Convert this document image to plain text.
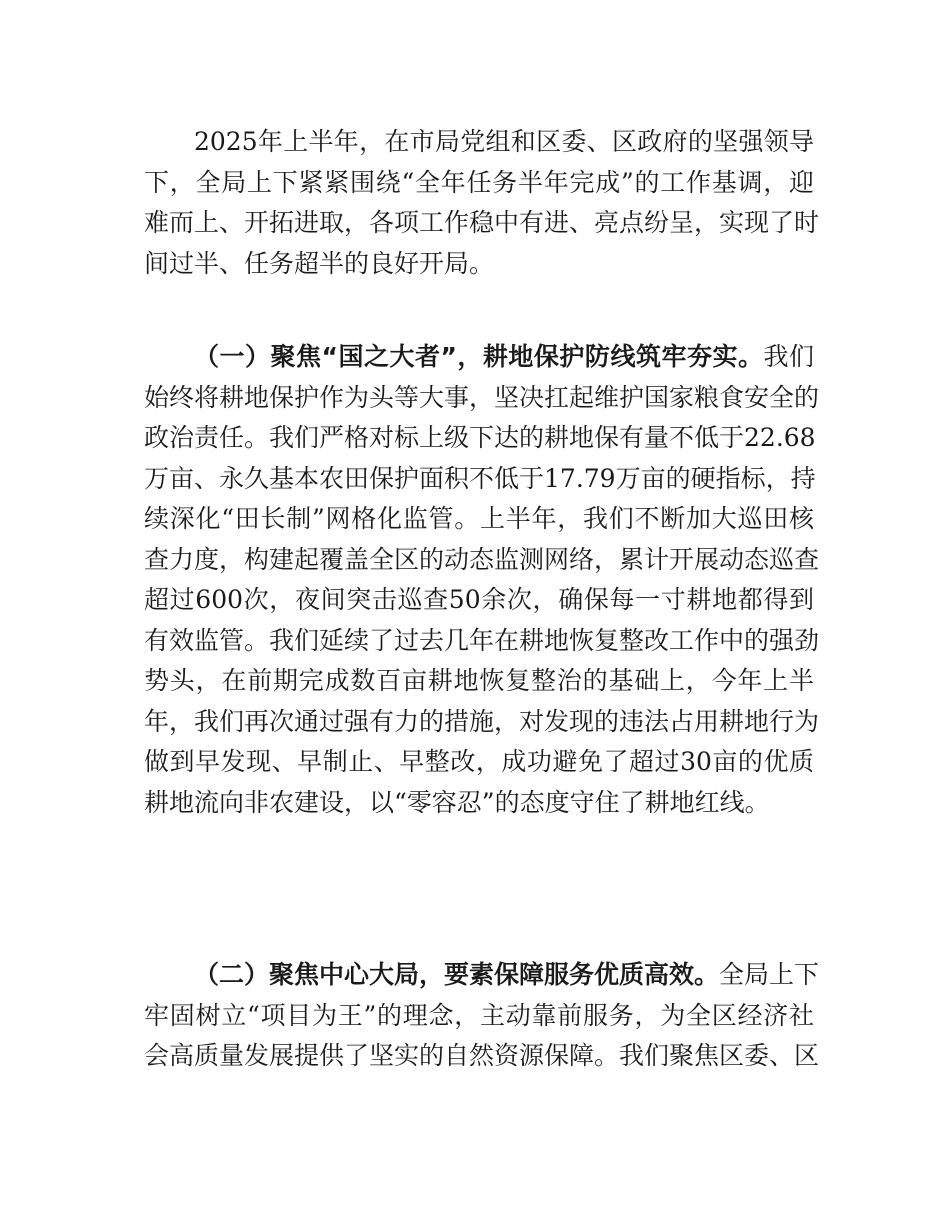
2025年上半年，在市局党组和区委、区政府的坚强领导
下，全局上下紧紧围绕“全年任务半年完成”的工作基调，迎
难而上、开拓进取，各项工作稳中有进、亮点纷呈，实现了时
间过半、任务超半的良好开局。
（一）聚焦“国之大者”，耕地保护防线筑牢夯实。我们
始终将耕地保护作为头等大事，坚决扛起维护国家粮食安全的
政治责任。我们严格对标上级下达的耕地保有量不低于22.68
万亩、永久基本农田保护面积不低于17.79万亩的硬指标，持
续深化“田长制”网格化监管。上半年，我们不断加大巡田核
查力度，构建起覆盖全区的动态监测网络，累计开展动态巡查
超过600次，夜间突击巡查50余次，确保每一寸耕地都得到
有效监管。我们延续了过去几年在耕地恢复整改工作中的强劲
势头，在前期完成数百亩耕地恢复整治的基础上，今年上半
年，我们再次通过强有力的措施，对发现的违法占用耕地行为
做到早发现、早制止、早整改，成功避免了超过30亩的优质
耕地流向非农建设，以“零容忍”的态度守住了耕地红线。
（二）聚焦中心大局，要素保障服务优质高效。全局上下
牢固树立“项目为王”的理念，主动靠前服务，为全区经济社
会高质量发展提供了坚实的自然资源保障。我们聚焦区委、区
